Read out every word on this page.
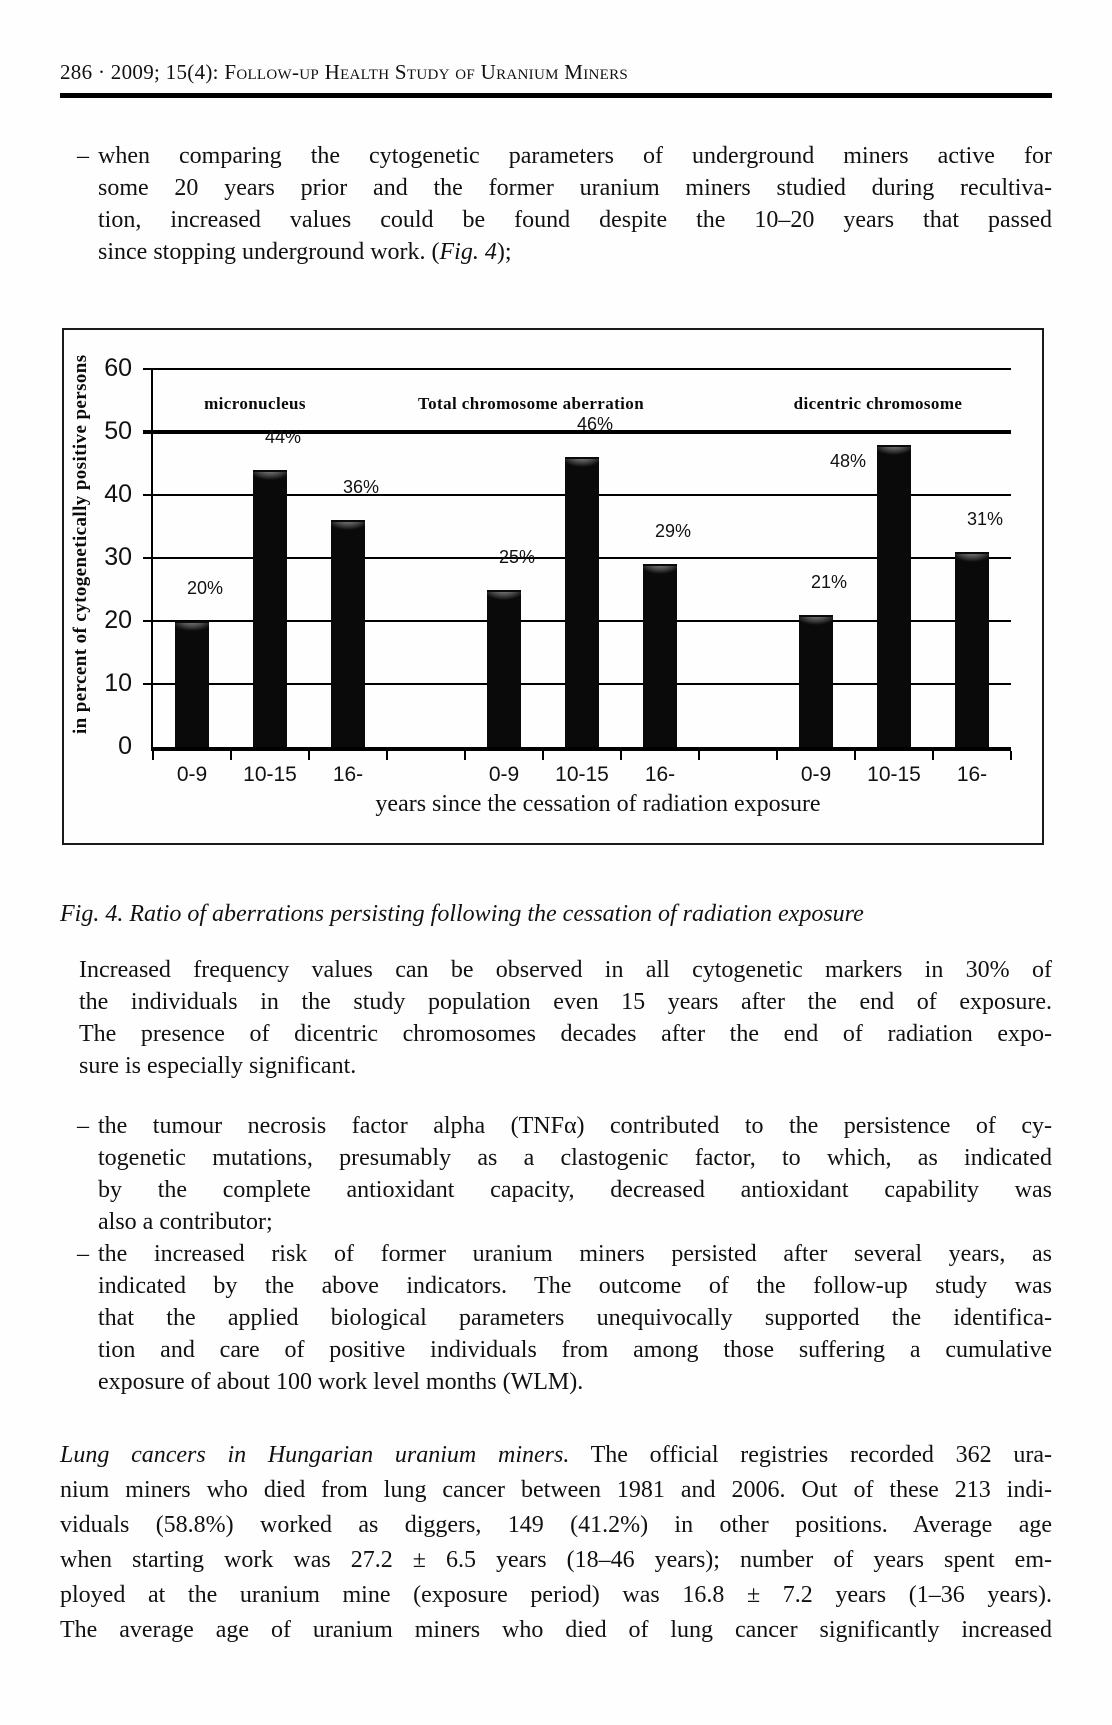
286 · 2009; 15(4): Follow-up Health Study of Uranium Miners
– when comparing the cytogenetic parameters of underground miners active for
some 20 years prior and the former uranium miners studied during recultiva-
tion, increased values could be found despite the 10–20 years that passed
since stopping underground work. (Fig. 4);
in percent of cytogenetically positive persons	20%
44%
36%
25%
46%
29%
21%
48%
31%
years since the cessation of radiation exposure
0
10
20
30
40
50
60
micronucleus
0-9 10-15 16-
Total chromosome aberration
0-9 10-15 16-
dicentric chromosome
0-9 10-15 16-
Fig. 4. Ratio of aberrations persisting following the cessation of radiation exposure
Increased frequency values can be observed in all cytogenetic markers in 30% of
the individuals in the study population even 15 years after the end of exposure.
The presence of dicentric chromosomes decades after the end of radiation expo-
sure is especially significant.
– the tumour necrosis factor alpha (TNFα) contributed to the persistence of cy-
togenetic mutations, presumably as a clastogenic factor, to which, as indicated
by the complete antioxidant capacity, decreased antioxidant capability was
also a contributor;
– the increased risk of former uranium miners persisted after several years, as
indicated by the above indicators. The outcome of the follow-up study was
that the applied biological parameters unequivocally supported the identifica-
tion and care of positive individuals from among those suffering a cumulative
exposure of about 100 work level months (WLM).
Lung cancers in Hungarian uranium miners. The official registries recorded 362 ura-
nium miners who died from lung cancer between 1981 and 2006. Out of these 213 indi-
viduals (58.8%) worked as diggers, 149 (41.2%) in other positions. Average age
when starting work was 27.2 ± 6.5 years (18–46 years); number of years spent em-
ployed at the uranium mine (exposure period) was 16.8 ± 7.2 years (1–36 years).
The average age of uranium miners who died of lung cancer significantly increased
